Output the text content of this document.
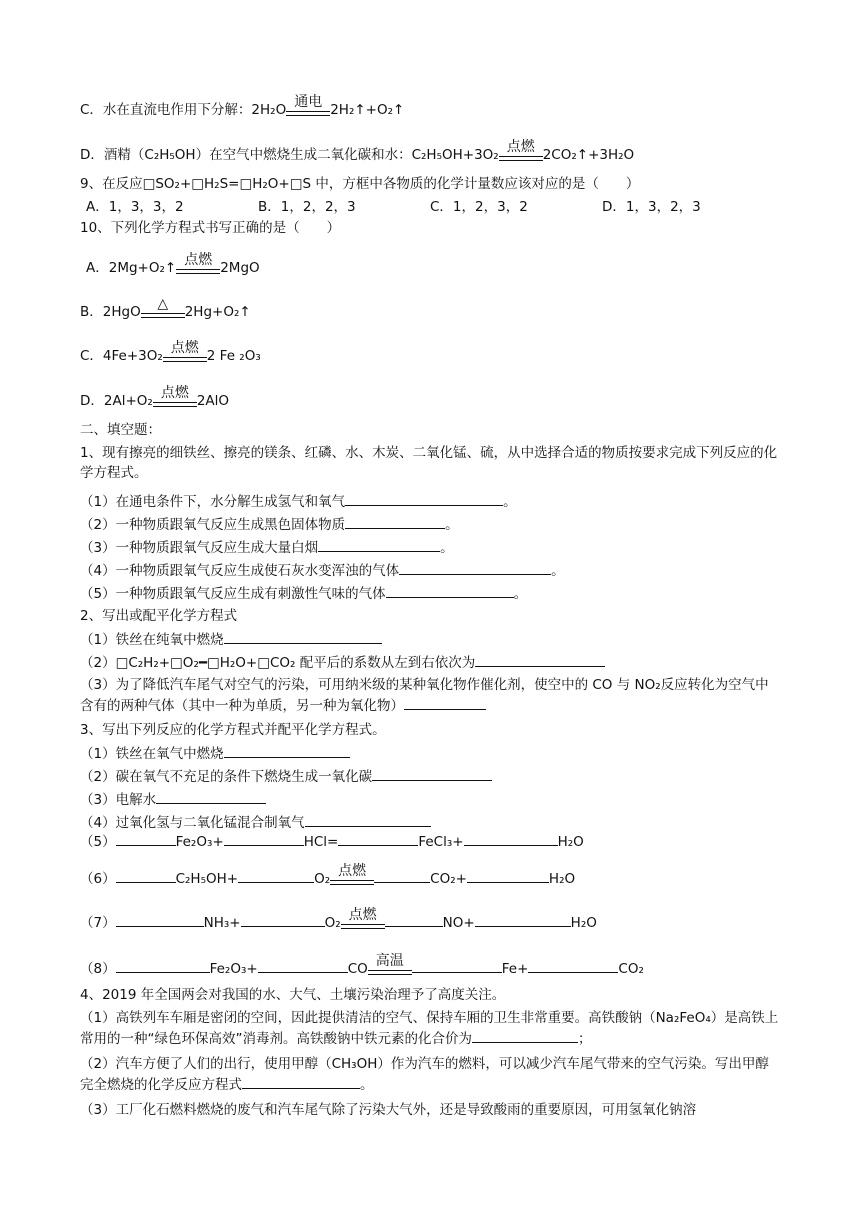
C．水在直流电作用下分解：2H₂O 通电 2H₂↑+O₂↑
D．酒精（C₂H₅OH）在空气中燃烧生成二氧化碳和水：C₂H₅OH+3O₂ 点燃 2CO₂↑+3H₂O
9、在反应□SO₂+□H₂S=□H₂O+□S 中，方框中各物质的化学计量数应该对应的是（　　）
A．1，3，3，2	B．1，2，2，3	C．1，2，3，2	D．1，3，2，3
10、下列化学方程式书写正确的是（　　）
A．2Mg+O₂↑ 点燃 2MgO
B．2HgO	△	2Hg+O₂↑
C．4Fe+3O₂ 点燃 2 Fe ₂O₃
D．2Al+O₂ 点燃 2AlO
二、填空题：
1、现有擦亮的细铁丝、擦亮的镁条、红磷、水、木炭、二氧化锰、硫，从中选择合适的物质按要求完成下列反应的化学方程式。
（1）在通电条件下，水分解生成氢气和氧气	。
（2）一种物质跟氧气反应生成黑色固体物质	。
（3）一种物质跟氧气反应生成大量白烟	。
（4）一种物质跟氧气反应生成使石灰水变浑浊的气体	。
（5）一种物质跟氧气反应生成有刺激性气味的气体	。
2、写出或配平化学方程式
（1）铁丝在纯氧中燃烧
（2）□C₂H₂+□O₂━□H₂O+□CO₂ 配平后的系数从左到右依次为
（3）为了降低汽车尾气对空气的污染，可用纳米级的某种氧化物作催化剂，使空中的 CO 与 NO₂反应转化为空气中含有的两种气体（其中一种为单质，另一种为氧化物）
3、写出下列反应的化学方程式并配平化学方程式。
（1）铁丝在氧气中燃烧
（2）碳在氧气不充足的条件下燃烧生成一氧化碳
（3）电解水
（4）过氧化氢与二氧化锰混合制氧气
（5）	Fe₂O₃+	HCl=	FeCl₃+	H₂O
（6）	C₂H₅OH+	O₂ 点燃	CO₂+	H₂O
（7）	NH₃+	O₂ 点燃	NO+	H₂O
（8）	Fe₂O₃+	CO 高温	Fe+	CO₂
4、2019 年全国两会对我国的水、大气、土壤污染治理予了高度关注。
（1）高铁列车车厢是密闭的空间，因此提供清洁的空气、保持车厢的卫生非常重要。高铁酸钠（Na₂FeO₄）是高铁上常用的一种“绿色环保高效”消毒剂。高铁酸钠中铁元素的化合价为	；
（2）汽车方便了人们的出行，使用甲醇（CH₃OH）作为汽车的燃料，可以减少汽车尾气带来的空气污染。写出甲醇完全燃烧的化学反应方程式	。
（3）工厂化石燃料燃烧的废气和汽车尾气除了污染大气外，还是导致酸雨的重要原因，可用氢氧化钠溶
